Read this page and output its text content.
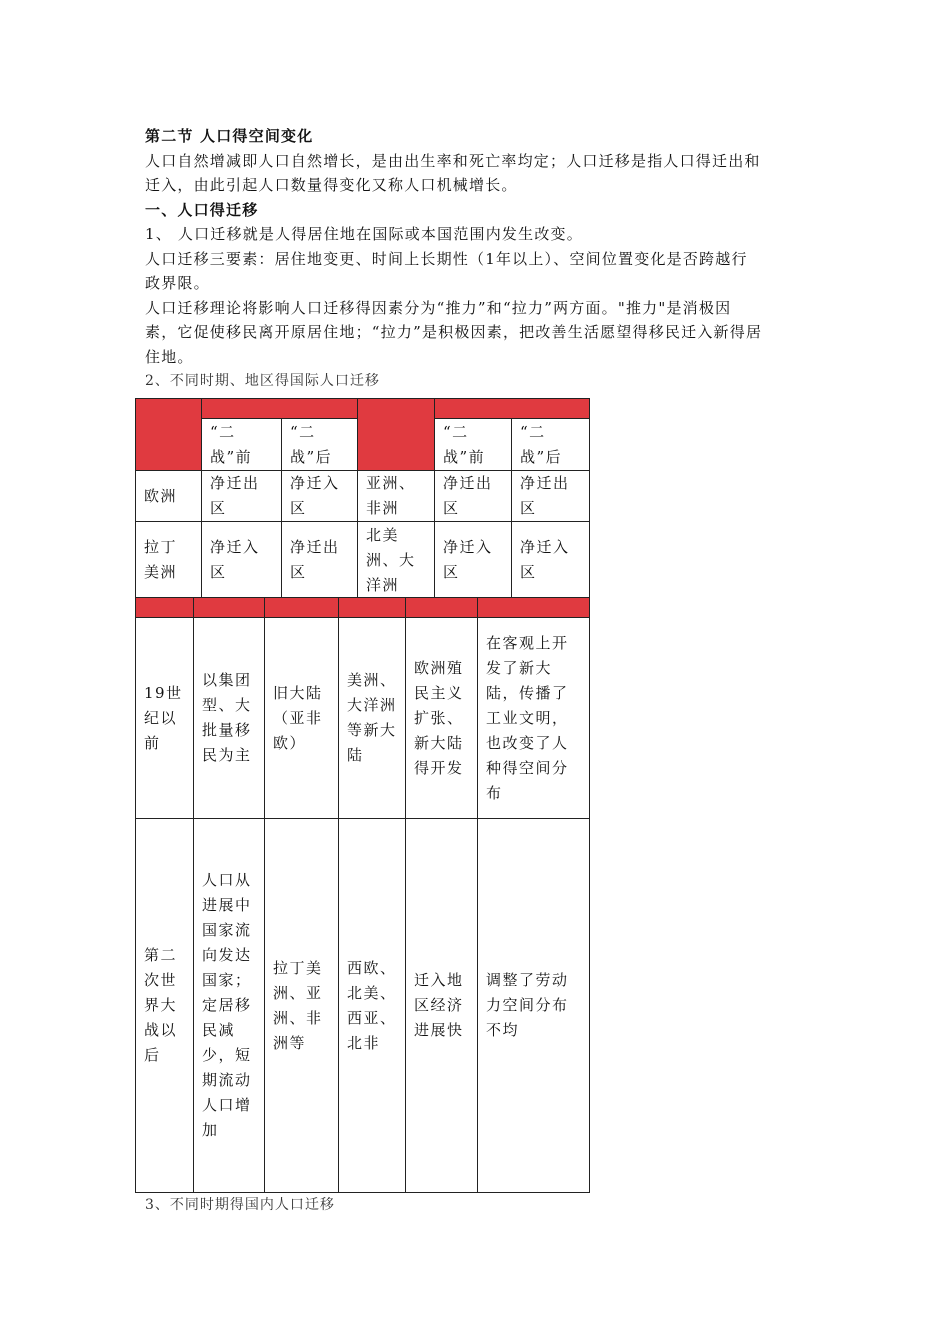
第二节 人口得空间变化
人口自然增减即人口自然增长，是由出生率和死亡率均定；人口迁移是指人口得迁出和
迁入，由此引起人口数量得变化又称人口机械增长。
一、人口得迁移
1、 人口迁移就是人得居住地在国际或本国范围内发生改变。
人口迁移三要素：居住地变更、时间上长期性（1年以上）、空间位置变化是否跨越行
政界限。
人口迁移理论将影响人口迁移得因素分为“推力”和“拉力”两方面。"推力"是消极因
素，它促使移民离开原居住地；“拉力”是积极因素，把改善生活愿望得移民迁入新得居
住地。
2、不同时期、地区得国际人口迁移

	“二战”前	“二战”后		“二战”前	“二战”后
欧洲	净迁出区	净迁入区	亚洲、非洲	净迁出区	净迁出区
拉丁美洲	净迁入区	净迁出区	北美洲、大洋洲	净迁入区	净迁入区

19世纪以前	以集团型、大批量移民为主	旧大陆（亚非欧）	美洲、大洋洲等新大陆	欧洲殖民主义扩张、新大陆得开发	在客观上开发了新大陆，传播了工业文明，也改变了人种得空间分布
第二次世界大战以后	人口从进展中国家流向发达国家；定居移民减少，短期流动人口增加	拉丁美洲、亚洲、非洲等	西欧、北美、西亚、北非	迁入地区经济进展快	调整了劳动力空间分布不均
3、不同时期得国内人口迁移
